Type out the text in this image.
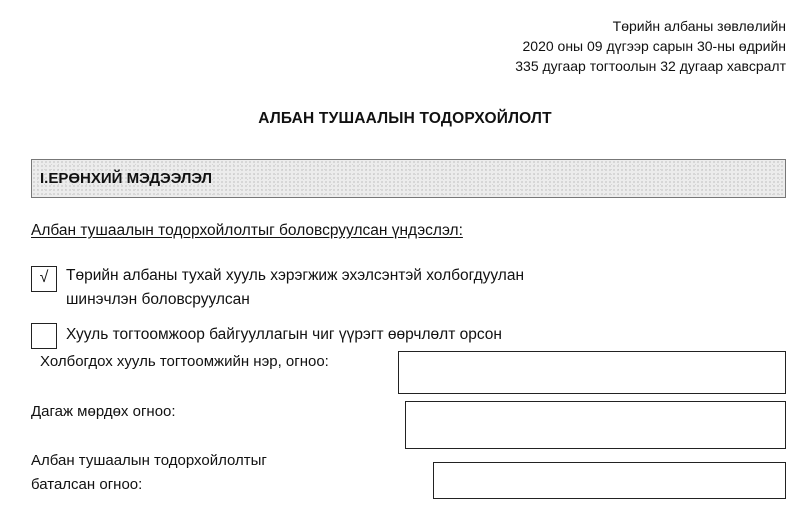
Төрийн албаны зөвлөлийн
2020 оны 09 дүгээр сарын 30-ны өдрийн
335 дугаар тогтоолын 32 дугаар хавсралт
АЛБАН ТУШААЛЫН ТОДОРХОЙЛОЛТ
I.ЕРӨНХИЙ МЭДЭЭЛЭЛ
Албан тушаалын тодорхойлолтыг боловсруулсан үндэслэл:
√	Төрийн албаны тухай хууль хэрэгжиж эхэлсэнтэй холбогдуулан
шинэчлэн боловсруулсан
Хууль тогтоомжоор байгууллагын чиг үүрэгт өөрчлөлт орсон
Холбогдох хууль тогтоомжийн нэр, огноо:
Дагаж мөрдөх огноо:
Албан тушаалын тодорхойлолтыг
баталсан огноо:
